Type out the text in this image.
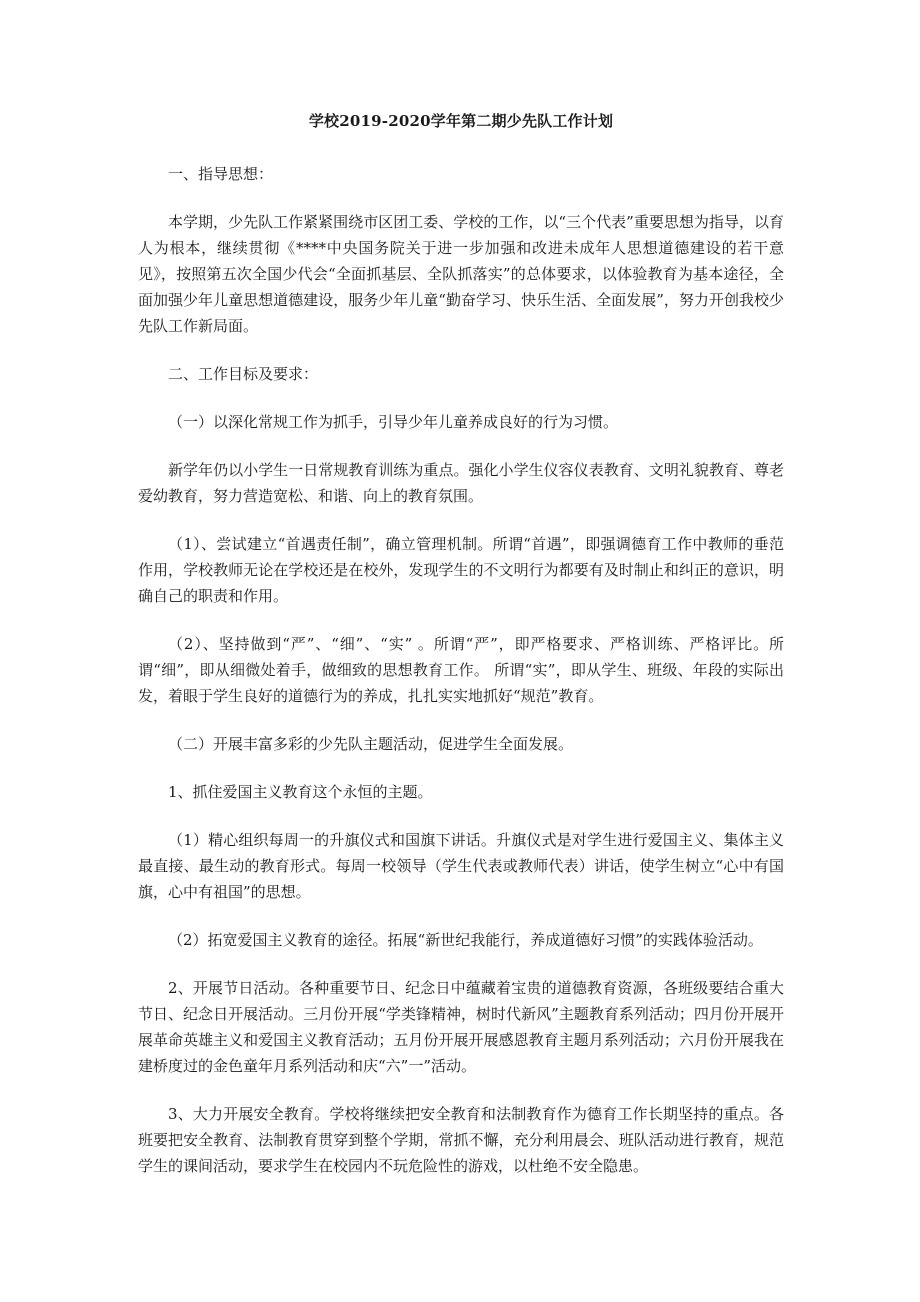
学校2019-2020学年第二期少先队工作计划

一、指导思想：

本学期，少先队工作紧紧围绕市区团工委、学校的工作，以“三个代表”重要思想为指导，以育人为根本，继续贯彻《****中央国务院关于进一步加强和改进未成年人思想道德建设的若干意见》，按照第五次全国少代会“全面抓基层、全队抓落实”的总体要求，以体验教育为基本途径，全面加强少年儿童思想道德建设，服务少年儿童“勤奋学习、快乐生活、全面发展”，努力开创我校少先队工作新局面。

二、工作目标及要求：

（一）以深化常规工作为抓手，引导少年儿童养成良好的行为习惯。

新学年仍以小学生一日常规教育训练为重点。强化小学生仪容仪表教育、文明礼貌教育、尊老爱幼教育，努力营造宽松、和谐、向上的教育氛围。

（1）、尝试建立“首遇责任制”，确立管理机制。所谓“首遇”，即强调德育工作中教师的垂范作用，学校教师无论在学校还是在校外，发现学生的不文明行为都要有及时制止和纠正的意识，明确自己的职责和作用。

（2）、坚持做到“严”、“细”、“实” 。所谓“严”，即严格要求、严格训练、严格评比。所谓“细”，即从细微处着手，做细致的思想教育工作。 所谓“实”，即从学生、班级、年段的实际出发，着眼于学生良好的道德行为的养成，扎扎实实地抓好“规范”教育。

（二）开展丰富多彩的少先队主题活动，促进学生全面发展。

1、抓住爱国主义教育这个永恒的主题。

（1）精心组织每周一的升旗仪式和国旗下讲话。升旗仪式是对学生进行爱国主义、集体主义最直接、最生动的教育形式。每周一校领导（学生代表或教师代表）讲话，使学生树立“心中有国旗，心中有祖国”的思想。

（2）拓宽爱国主义教育的途径。拓展“新世纪我能行，养成道德好习惯”的实践体验活动。

2、开展节日活动。各种重要节日、纪念日中蕴藏着宝贵的道德教育资源，各班级要结合重大节日、纪念日开展活动。三月份开展“学类锋精神，树时代新风”主题教育系列活动；四月份开展开展革命英雄主义和爱国主义教育活动；五月份开展开展感恩教育主题月系列活动；六月份开展我在建桥度过的金色童年月系列活动和庆“六”一”活动。

3、大力开展安全教育。学校将继续把安全教育和法制教育作为德育工作长期坚持的重点。各班要把安全教育、法制教育贯穿到整个学期，常抓不懈，充分利用晨会、班队活动进行教育，规范学生的课间活动，要求学生在校园内不玩危险性的游戏，以杜绝不安全隐患。
